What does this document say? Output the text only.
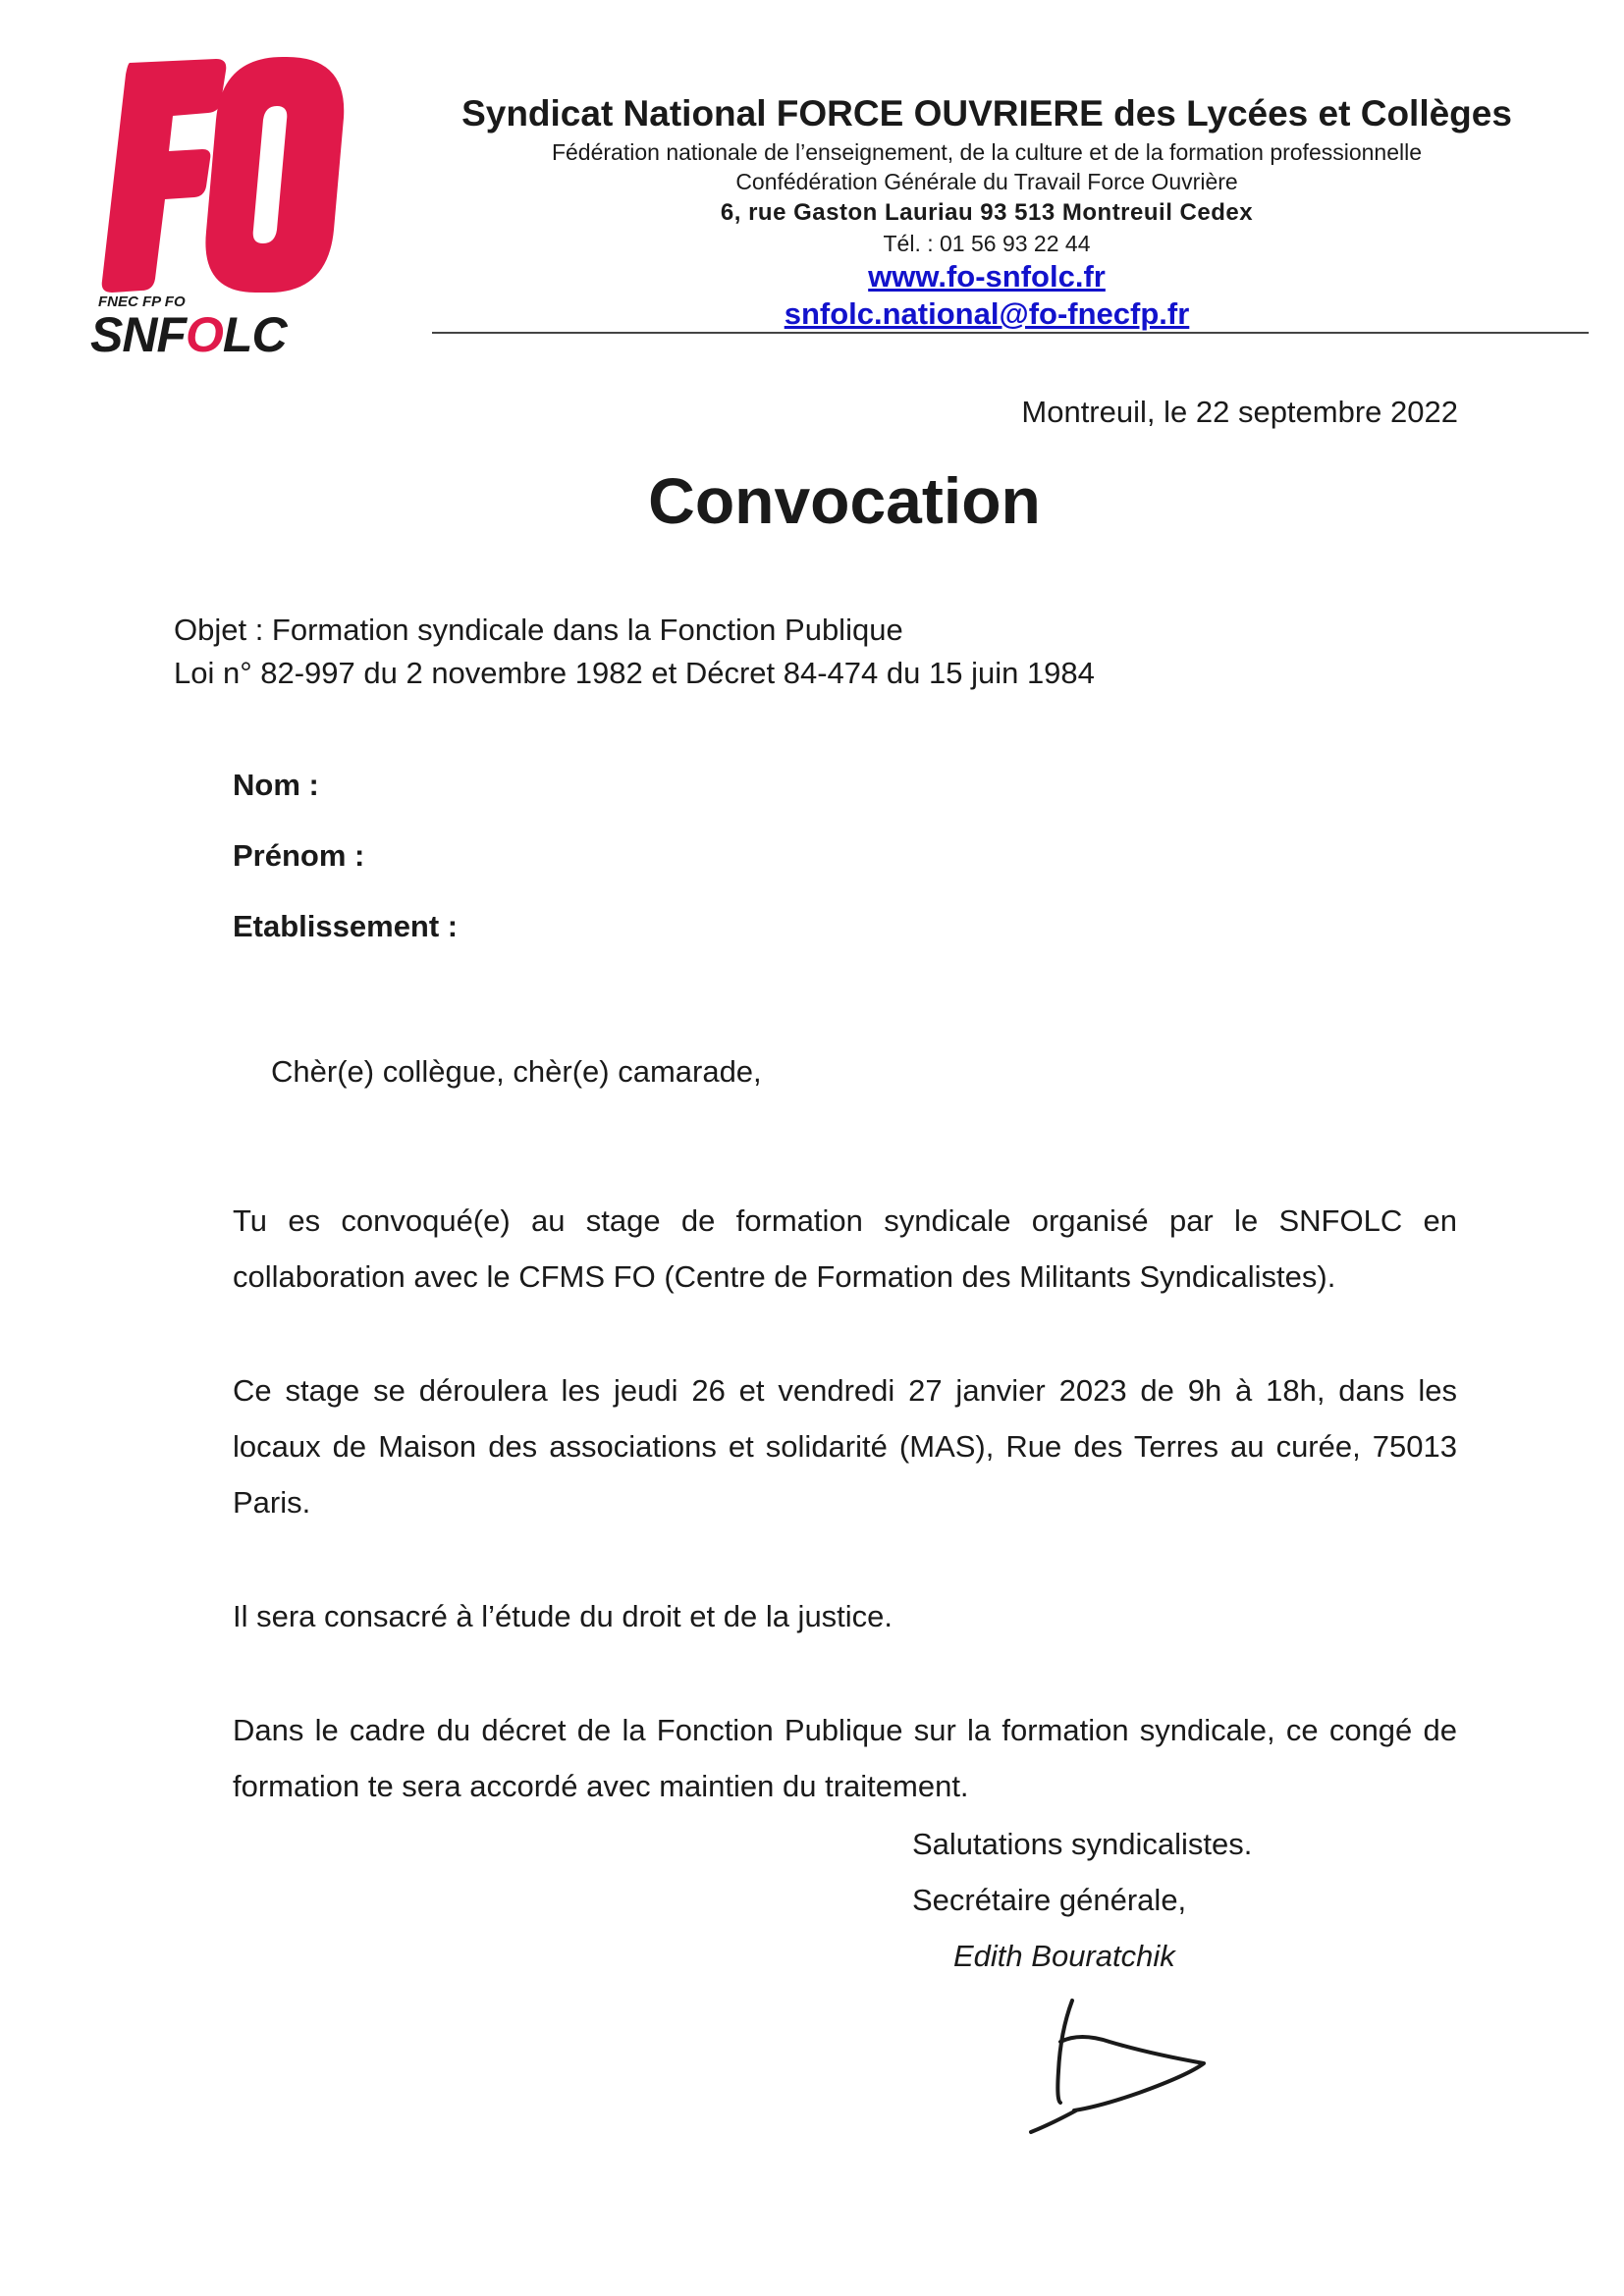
FNEC FP FO
SNFOLC

Syndicat National FORCE OUVRIERE des Lycées et Collèges

Fédération nationale de l’enseignement, de la culture et de la formation professionnelle

Confédération Générale du Travail Force Ouvrière

6, rue Gaston Lauriau 93 513 Montreuil Cedex

Tél. : 01 56 93 22 44

www.fo-snfolc.fr

snfolc.national@fo-fnecfp.fr

Montreuil, le 22 septembre 2022
Convocation

Objet : Formation syndicale dans la Fonction Publique

Loi n° 82-997 du 2 novembre 1982 et Décret 84-474 du 15 juin 1984

Nom :

Prénom :

Etablissement :

Chèr(e) collègue, chèr(e) camarade,

Tu es convoqué(e) au stage de formation syndicale organisé par le SNFOLC en collaboration avec le CFMS FO (Centre de Formation des Militants Syndicalistes).

Ce stage se déroulera les jeudi 26 et vendredi 27 janvier 2023 de 9h à 18h, dans les locaux de Maison des associations et solidarité (MAS), Rue des Terres au curée, 75013 Paris.

Il sera consacré à l’étude du droit et de la justice.

Dans le cadre du décret de la Fonction Publique sur la formation syndicale, ce congé de formation te sera accordé avec maintien du traitement.

Salutations syndicalistes.

Secrétaire générale,

Edith Bouratchik
